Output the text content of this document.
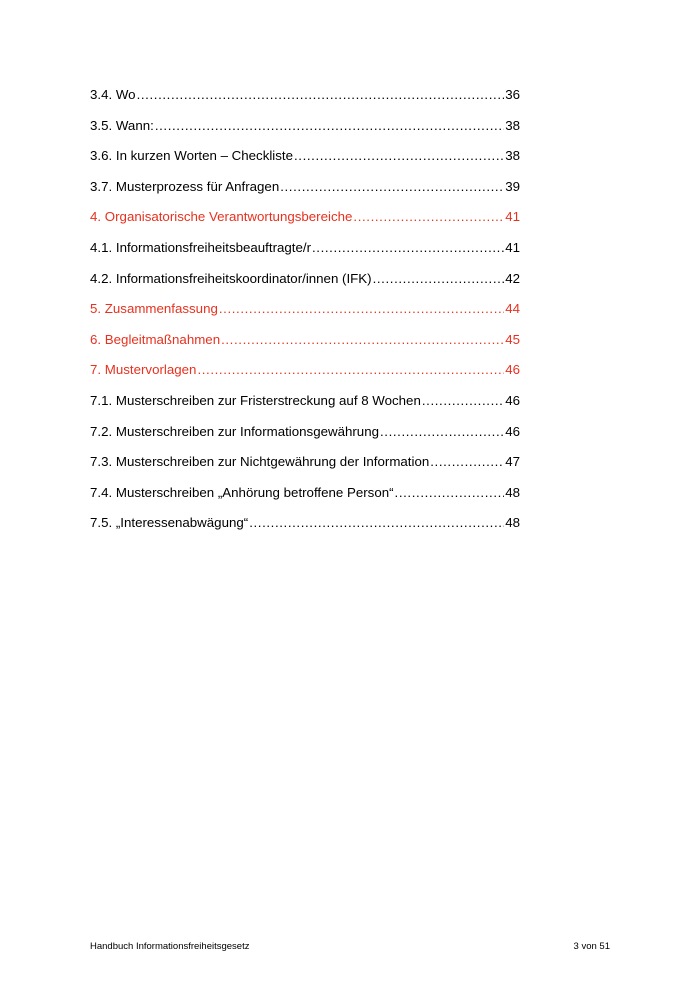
3.4. Wo .....	36
3.5. Wann: .....	38
3.6. In kurzen Worten – Checkliste .....	38
3.7. Musterprozess für Anfragen .....	39
4. Organisatorische Verantwortungsbereiche .....	41
4.1. Informationsfreiheitsbeauftragte/r .....	41
4.2. Informationsfreiheitskoordinator/innen (IFK) .....	42
5. Zusammenfassung .....	44
6. Begleitmaßnahmen .....	45
7. Mustervorlagen .....	46
7.1. Musterschreiben zur Fristerstreckung auf 8 Wochen .....	46
7.2. Musterschreiben zur Informationsgewährung .....	46
7.3. Musterschreiben zur Nichtgewährung der Information .....	47
7.4. Musterschreiben „Anhörung betroffene Person“ .....	48
7.5. „Interessenabwägung“ .....	48
Handbuch Informationsfreiheitsgesetz	3 von 51
